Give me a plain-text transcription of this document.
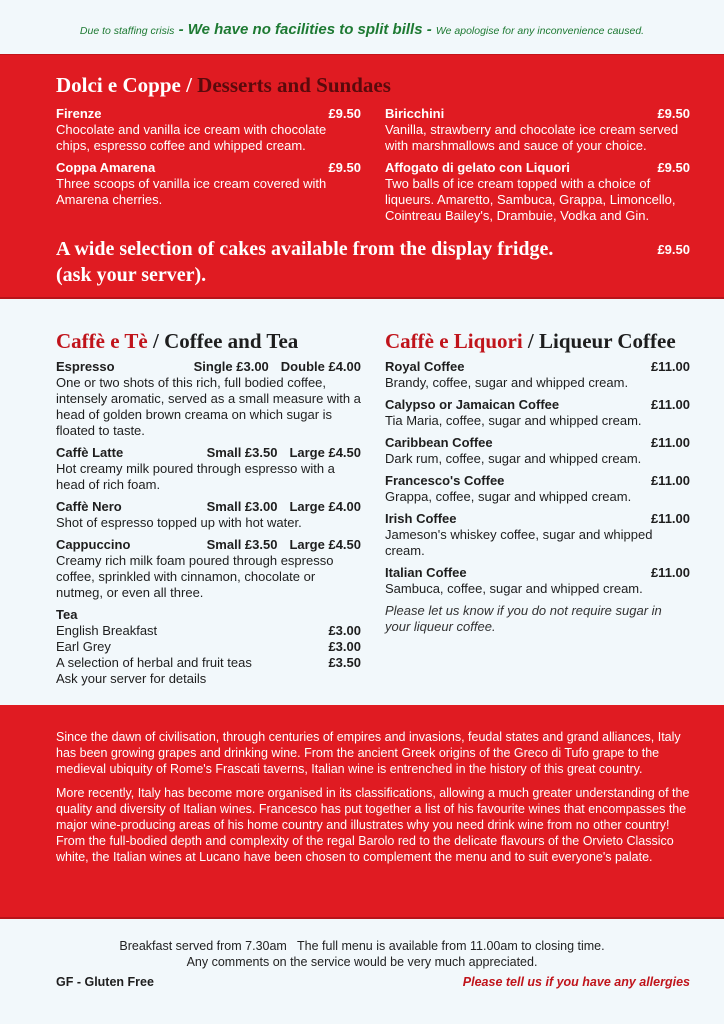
Due to staffing crisis - We have no facilities to split bills - We apologise for any inconvenience caused.
Dolci e Coppe / Desserts and Sundaes
Firenze	£9.50
Chocolate and vanilla ice cream with chocolate chips, espresso coffee and whipped cream.
Coppa Amarena	£9.50
Three scoops of vanilla ice cream covered with Amarena cherries.
Biricchini	£9.50
Vanilla, strawberry and chocolate ice cream served with marshmallows and sauce of your choice.
Affogato di gelato con Liquori	£9.50
Two balls of ice cream topped with a choice of liqueurs. Amaretto, Sambuca, Grappa, Limoncello, Cointreau Bailey's, Drambuie, Vodka and Gin.
A wide selection of cakes available from the display fridge.
(ask your server).
£9.50
Caffè e Tè / Coffee and Tea
Espresso	Single £3.00 Double £4.00
One or two shots of this rich, full bodied coffee, intensely aromatic, served as a small measure with a head of golden brown creama on which sugar is floated to taste.
Caffè Latte	Small £3.50 Large £4.50
Hot creamy milk poured through espresso with a head of rich foam.
Caffè Nero	Small £3.00 Large £4.00
Shot of espresso topped up with hot water.
Cappuccino	Small £3.50 Large £4.50
Creamy rich milk foam poured through espresso coffee, sprinkled with cinnamon, chocolate or nutmeg, or even all three.
Tea
English Breakfast	£3.00
Earl Grey	£3.00
A selection of herbal and fruit teas	£3.50
Ask your server for details
Caffè e Liquori / Liqueur Coffee
Royal Coffee	£11.00
Brandy, coffee, sugar and whipped cream.
Calypso or Jamaican Coffee	£11.00
Tia Maria, coffee, sugar and whipped cream.
Caribbean Coffee	£11.00
Dark rum, coffee, sugar and whipped cream.
Francesco's Coffee	£11.00
Grappa, coffee, sugar and whipped cream.
Irish Coffee	£11.00
Jameson's whiskey coffee, sugar and whipped cream.
Italian Coffee	£11.00
Sambuca, coffee, sugar and whipped cream.
Please let us know if you do not require sugar in your liqueur coffee.

Since the dawn of civilisation, through centuries of empires and invasions, feudal states and grand alliances, Italy has been growing grapes and drinking wine. From the ancient Greek origins of the Greco di Tufo grape to the medieval ubiquity of Rome's Frascati taverns, Italian wine is entrenched in the history of this great country.

More recently, Italy has become more organised in its classifications, allowing a much greater understanding of the quality and diversity of Italian wines. Francesco has put together a list of his favourite wines that encompasses the major wine-producing areas of his home country and illustrates why you need drink wine from no other country! From the full-bodied depth and complexity of the regal Barolo red to the delicate flavours of the Orvieto Classico white, the Italian wines at Lucano have been chosen to complement the menu and to suit everyone's palate.

Breakfast served from 7.30am   The full menu is available from 11.00am to closing time.
Any comments on the service would be very much appreciated.
GF - Gluten Free	Please tell us if you have any allergies
